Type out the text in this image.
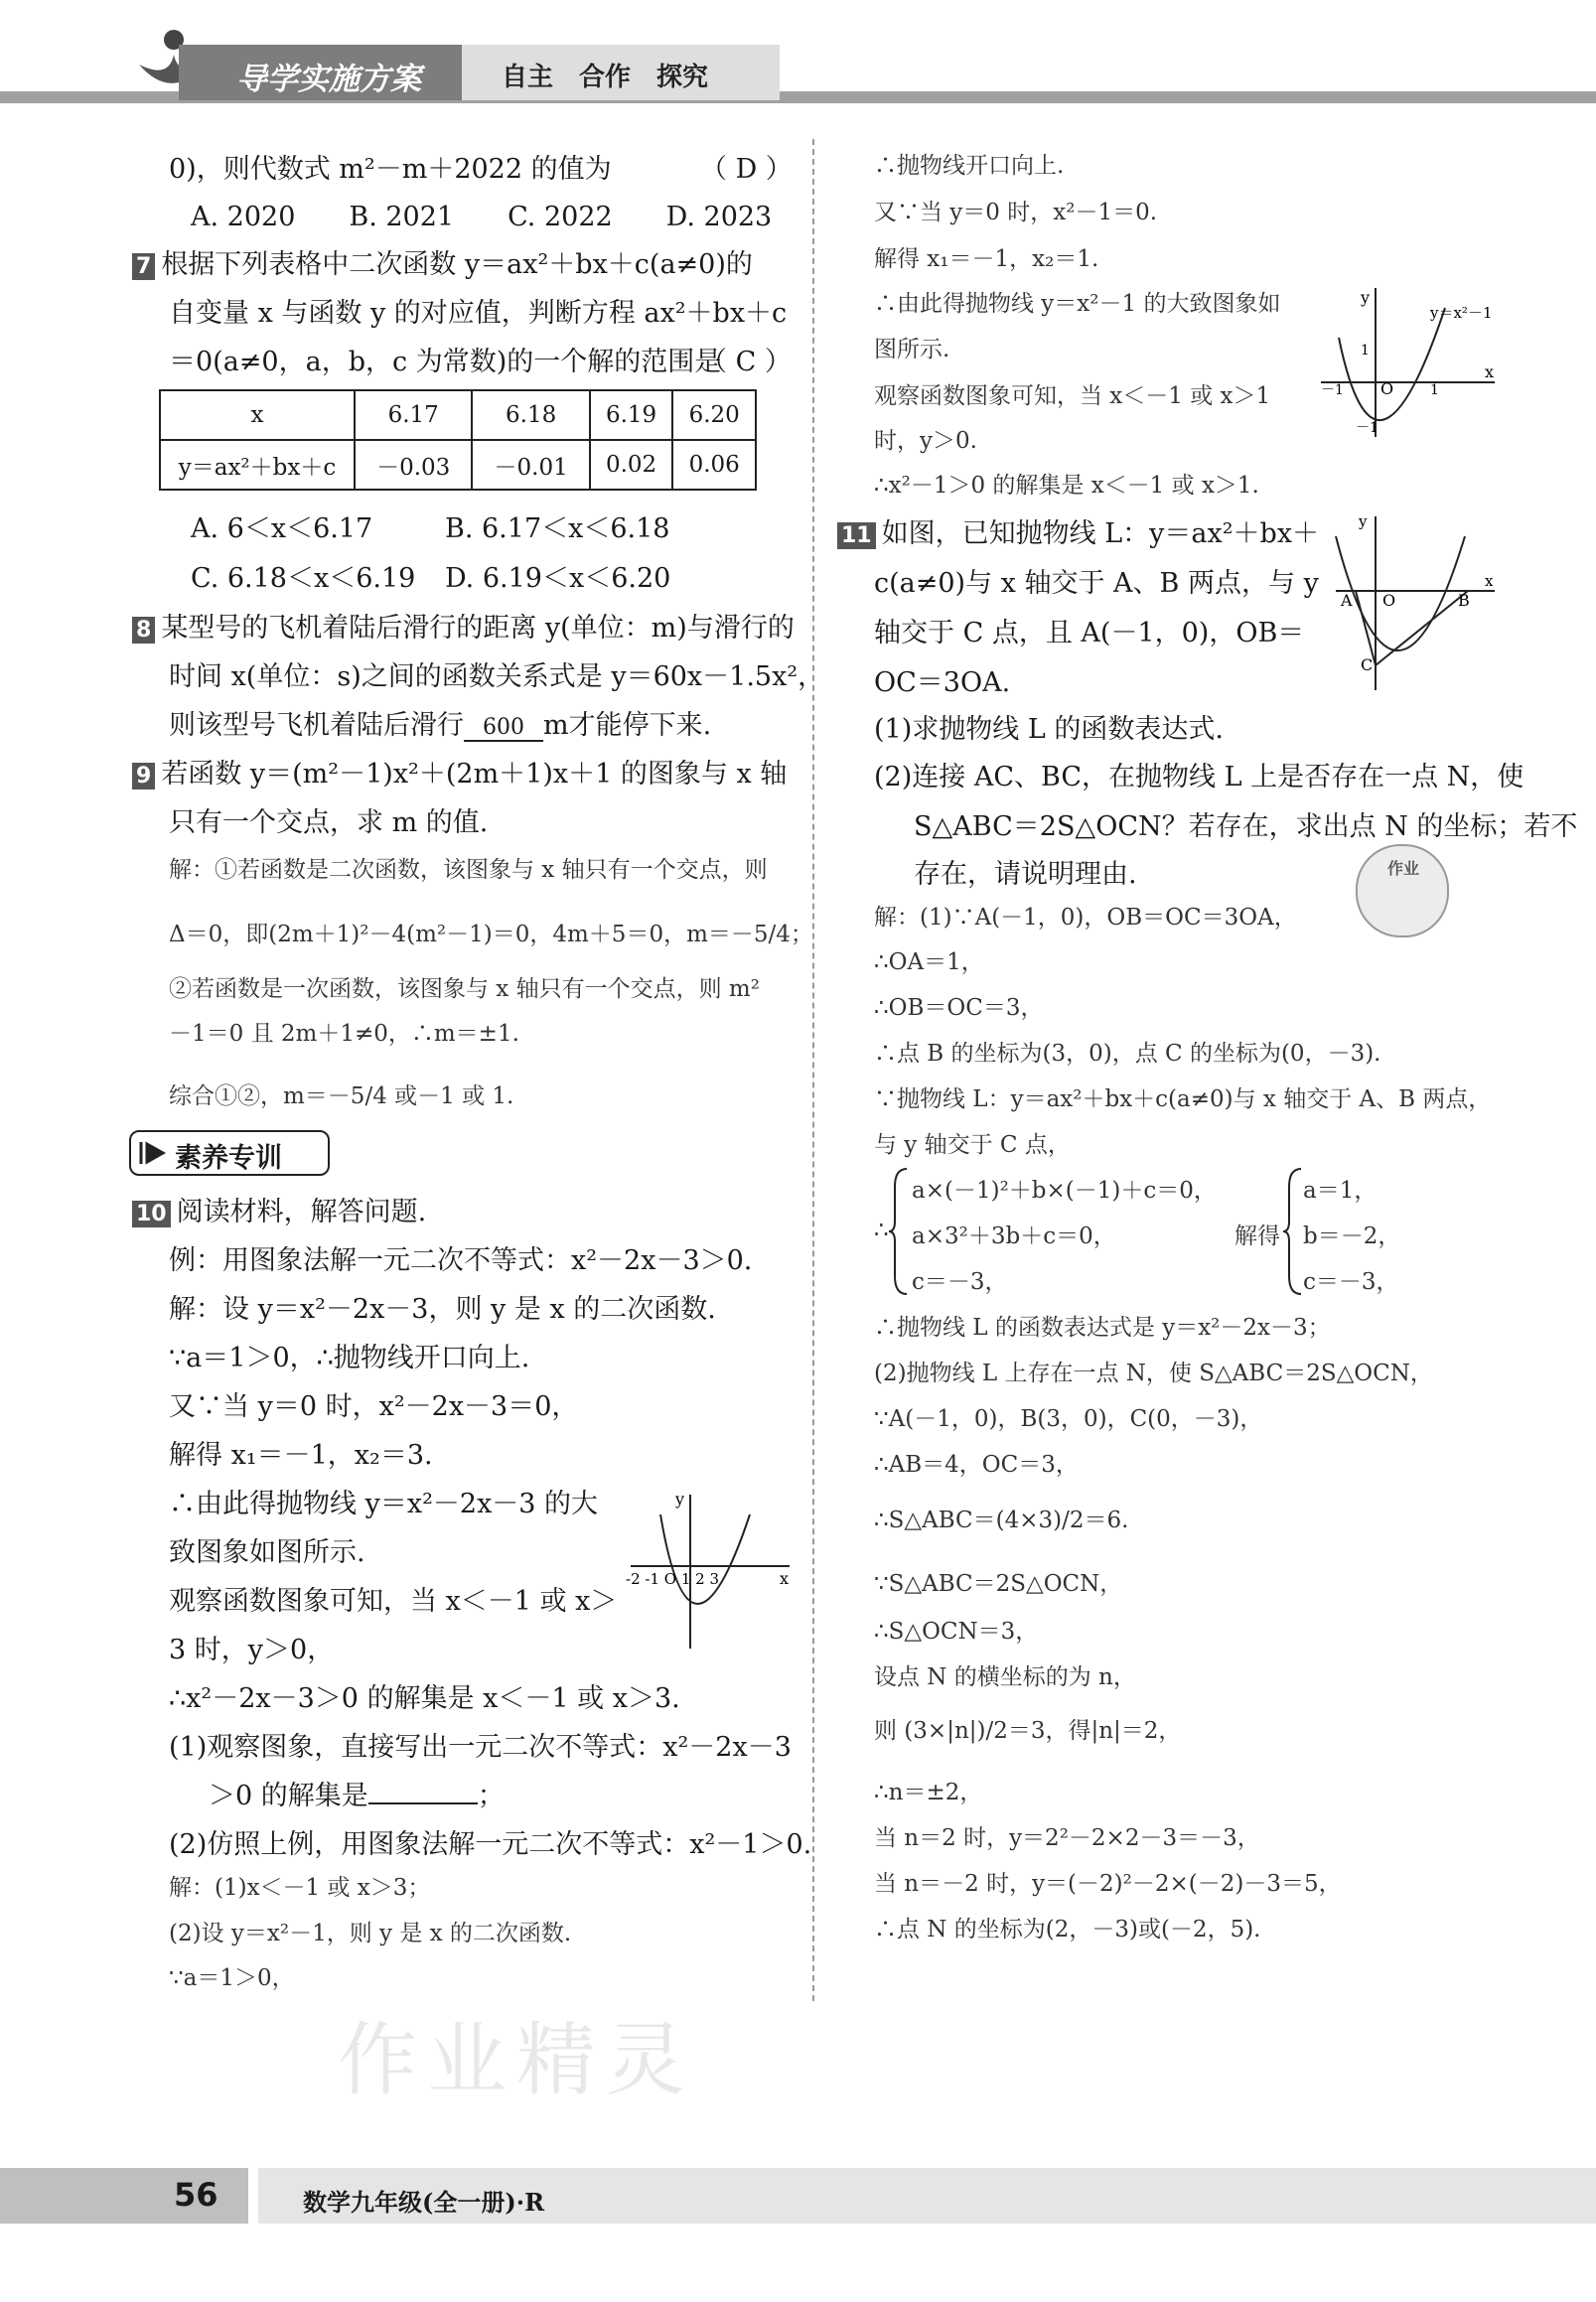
导学实施方案	自主　合作　探究
0)，则代数式 m²－m＋2022 的值为	（ D ）
A. 2020　　B. 2021　　C. 2022　　D. 2023
7 根据下列表格中二次函数 y＝ax²＋bx＋c(a≠0)的
自变量 x 与函数 y 的对应值，判断方程 ax²＋bx＋c
＝0(a≠0，a，b，c 为常数)的一个解的范围是
（ C ）
x	6.17	6.18	6.19	6.20
y＝ax²＋bx＋c	－0.03	－0.01	0.02	0.06
A. 6＜x＜6.17	B. 6.17＜x＜6.18
C. 6.18＜x＜6.19 D. 6.19＜x＜6.20
8 某型号的飞机着陆后滑行的距离 y(单位：m)与滑行的
时间 x(单位：s)之间的函数关系式是 y＝60x－1.5x²，
则该型号飞机着陆后滑行 600 m才能停下来.
9 若函数 y＝(m²－1)x²＋(2m＋1)x＋1 的图象与 x 轴
只有一个交点，求 m 的值.
解：①若函数是二次函数，该图象与 x 轴只有一个交点，则
Δ＝0，即(2m＋1)²－4(m²－1)＝0，4m＋5＝0，m＝－5/4；
②若函数是一次函数，该图象与 x 轴只有一个交点，则 m²
－1＝0 且 2m＋1≠0，∴m＝±1.
综合①②，m＝－5/4 或－1 或 1.
素养专训
10 阅读材料，解答问题.
例：用图象法解一元二次不等式：x²－2x－3＞0.
解：设 y＝x²－2x－3，则 y 是 x 的二次函数.
∵a＝1＞0，∴抛物线开口向上.
又∵当 y＝0 时，x²－2x－3＝0，
解得 x₁＝－1，x₂＝3.
∴由此得抛物线 y＝x²－2x－3 的大
致图象如图所示.
观察函数图象可知，当 x＜－1 或 x＞
3 时，y＞0，
∴x²－2x－3＞0 的解集是 x＜－1 或 x＞3.
(1)观察图象，直接写出一元二次不等式：x²－2x－3
＞0 的解集是	；
(2)仿照上例，用图象法解一元二次不等式：x²－1＞0.
解：(1)x＜－1 或 x＞3；
(2)设 y＝x²－1，则 y 是 x 的二次函数.
∵a＝1＞0，
y
x
-2 -1 O 1 2 3
∴抛物线开口向上.
又∵当 y＝0 时，x²－1＝0.
解得 x₁＝－1，x₂＝1.
∴由此得抛物线 y＝x²－1 的大致图象如
图所示.
观察函数图象可知，当 x＜－1 或 x＞1
时，y＞0.
∴x²－1＞0 的解集是 x＜－1 或 x＞1.
y＝x²－1
y
x
O	1
－1
1
－1
11 如图，已知抛物线 L：y＝ax²＋bx＋
c(a≠0)与 x 轴交于 A、B 两点，与 y
轴交于 C 点，且 A(－1，0)，OB＝
OC＝3OA.
(1)求抛物线 L 的函数表达式.
(2)连接 AC、BC，在抛物线 L 上是否存在一点 N，使
S△ABC＝2S△OCN？若存在，求出点 N 的坐标；若不
存在，请说明理由.
y
x
A O	B
C
作业
解：(1)∵A(－1，0)，OB＝OC＝3OA，
∴OA＝1，
∴OB＝OC＝3，
∴点 B 的坐标为(3，0)，点 C 的坐标为(0，－3).
∵抛物线 L：y＝ax²＋bx＋c(a≠0)与 x 轴交于 A、B 两点，
与 y 轴交于 C 点，
∴
a×(－1)²＋b×(－1)＋c＝0，
a×3²＋3b＋c＝0，
c＝－3，
解得
a＝1，
b＝－2，
c＝－3，
∴抛物线 L 的函数表达式是 y＝x²－2x－3；
(2)抛物线 L 上存在一点 N，使 S△ABC＝2S△OCN，
∵A(－1，0)，B(3，0)，C(0，－3)，
∴AB＝4，OC＝3，
∴S△ABC＝(4×3)/2＝6.
∵S△ABC＝2S△OCN，
∴S△OCN＝3，
设点 N 的横坐标的为 n，
则 (3×|n|)/2＝3，得|n|＝2，
∴n＝±2，
当 n＝2 时，y＝2²－2×2－3＝－3，
当 n＝－2 时，y＝(－2)²－2×(－2)－3＝5，
∴点 N 的坐标为(2，－3)或(－2，5).
作业精灵
56	数学九年级(全一册)·R
